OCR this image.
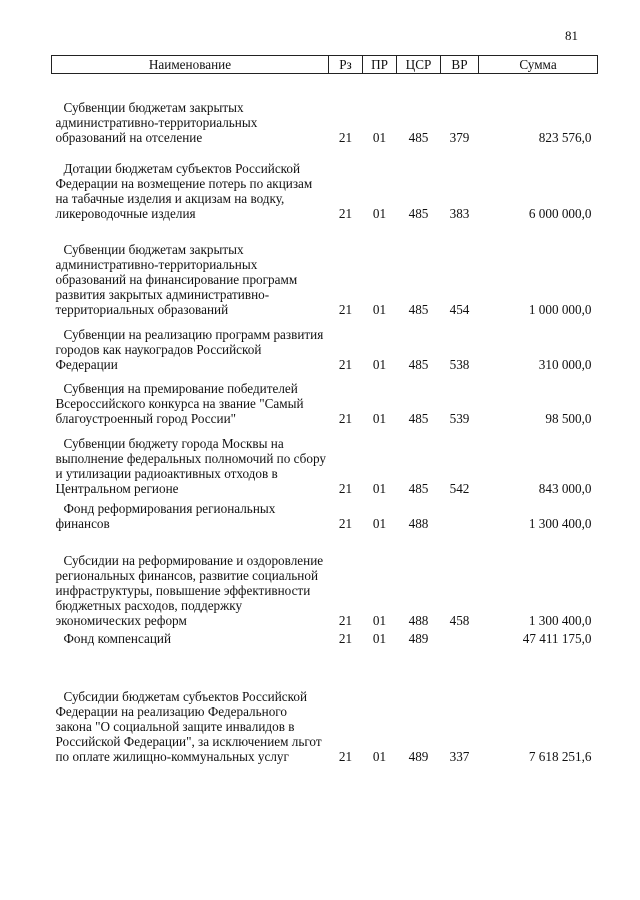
81
Наименование	Рз	ПР	ЦСР	ВР	Сумма

Субвенции бюджетам закрытых административно-территориальных образований на отселение	21	01	485	379	823 576,0

Дотации бюджетам субъектов Российской Федерации на возмещение потерь по акцизам на табачные изделия и акцизам на водку, ликероводочные изделия	21	01	485	383	6 000 000,0

Субвенции бюджетам закрытых административно-территориальных образований на финансирование программ развития закрытых административно-территориальных образований	21	01	485	454	1 000 000,0

Субвенции на реализацию программ развития городов как наукоградов Российской Федерации	21	01	485	538	310 000,0

Субвенция на премирование победителей Всероссийского конкурса на звание "Самый благоустроенный город России"	21	01	485	539	98 500,0

Субвенции бюджету города Москвы на выполнение федеральных полномочий по сбору и утилизации радиоактивных отходов в Центральном регионе	21	01	485	542	843 000,0

Фонд реформирования региональных финансов	21	01	488		1 300 400,0

Субсидии на реформирование и оздоровление региональных финансов, развитие социальной инфраструктуры, повышение эффективности бюджетных расходов, поддержку экономических реформ	21	01	488	458	1 300 400,0

Фонд компенсаций	21	01	489		47 411 175,0

Субсидии бюджетам субъектов Российской Федерации на реализацию Федерального закона "О социальной защите инвалидов в Российской Федерации", за исключением льгот по оплате жилищно-коммунальных услуг	21	01	489	337	7 618 251,6
